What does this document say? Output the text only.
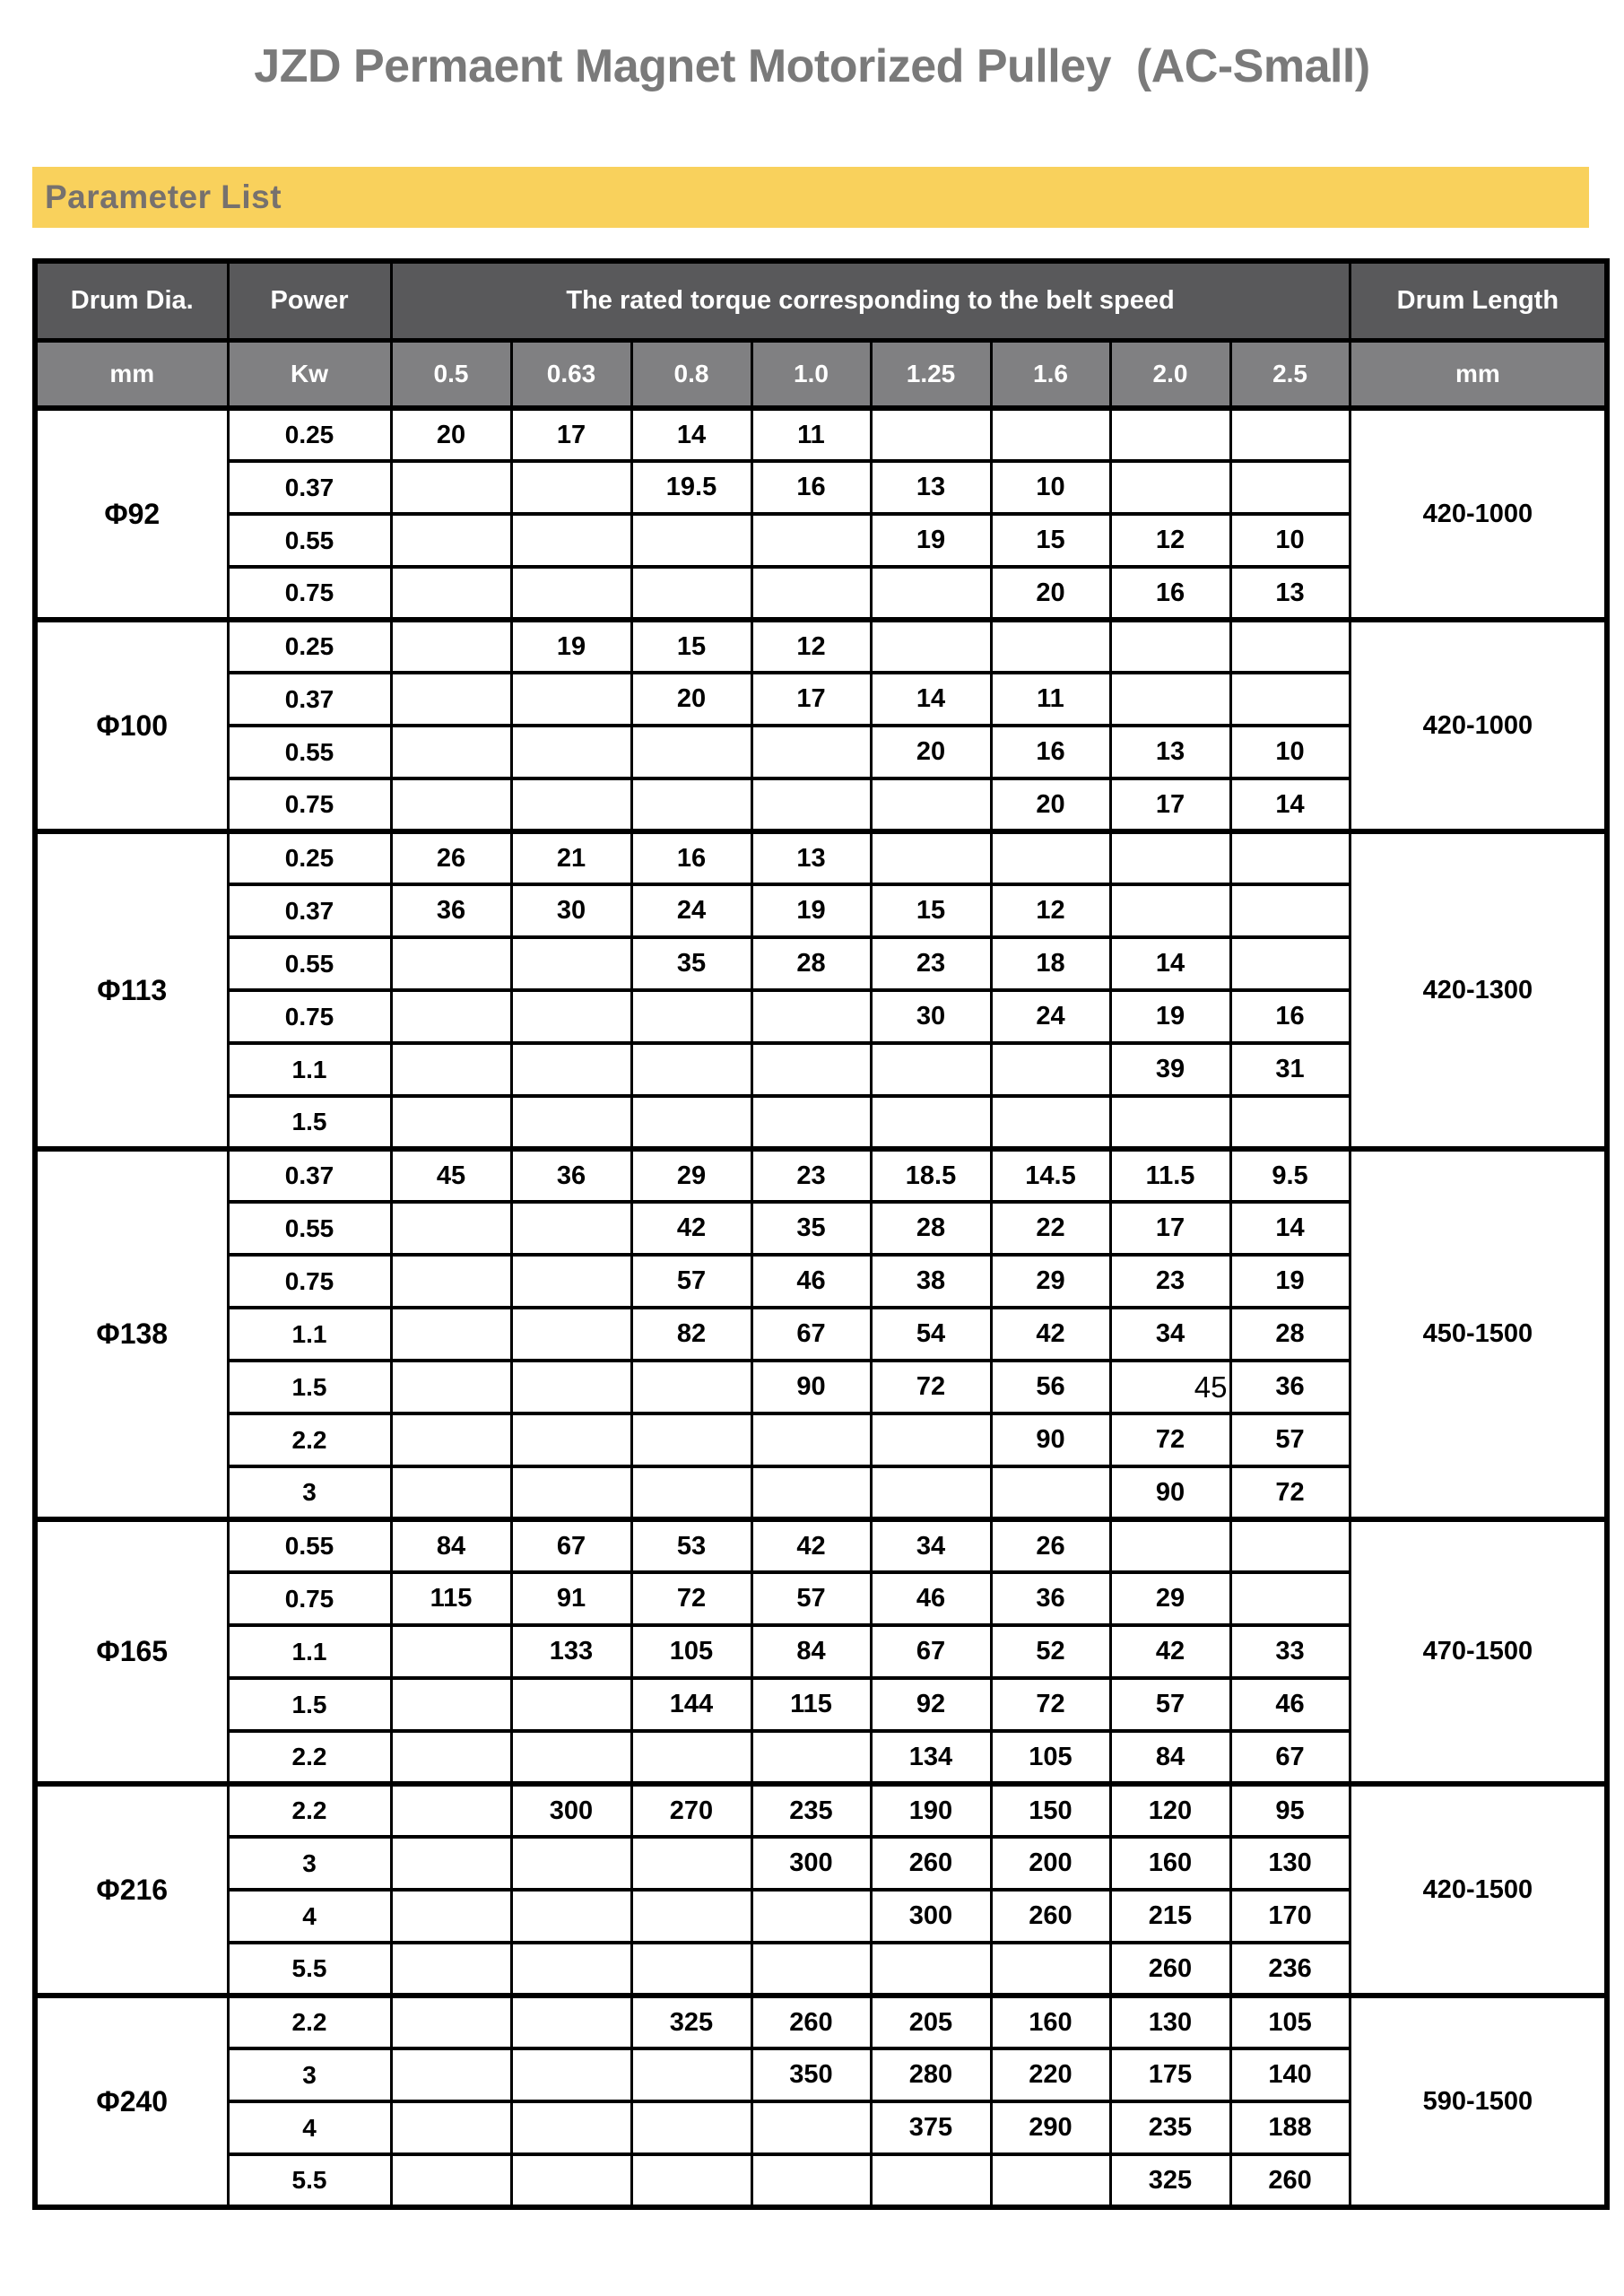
JZD Permaent Magnet Motorized Pulley  (AC-Small)
Parameter List
Drum Dia.	Power	The rated torque corresponding to the belt speed								Drum Length
mm	Kw	0.5	0.63	0.8	1.0	1.25	1.6	2.0	2.5	mm
Φ92	0.25	20	17	14	11					420-1000
	0.37			19.5	16	13	10			
	0.55					19	15	12	10	
	0.75						20	16	13	
Φ100	0.25		19	15	12					420-1000
	0.37			20	17	14	11			
	0.55					20	16	13	10	
	0.75						20	17	14	
Φ113	0.25	26	21	16	13					420-1300
	0.37	36	30	24	19	15	12			
	0.55			35	28	23	18	14		
	0.75					30	24	19	16	
	1.1							39	31	
	1.5									
Φ138	0.37	45	36	29	23	18.5	14.5	11.5	9.5	450-1500
	0.55			42	35	28	22	17	14	
	0.75			57	46	38	29	23	19	
	1.1			82	67	54	42	34	28	
	1.5				90	72	56	45	36	
	2.2						90	72	57	
	3							90	72	
Φ165	0.55	84	67	53	42	34	26			470-1500
	0.75	115	91	72	57	46	36	29		
	1.1		133	105	84	67	52	42	33	
	1.5			144	115	92	72	57	46	
	2.2					134	105	84	67	
Φ216	2.2		300	270	235	190	150	120	95	420-1500
	3				300	260	200	160	130	
	4					300	260	215	170	
	5.5							260	236	
Φ240	2.2			325	260	205	160	130	105	590-1500
	3				350	280	220	175	140	
	4					375	290	235	188	
	5.5							325	260	
